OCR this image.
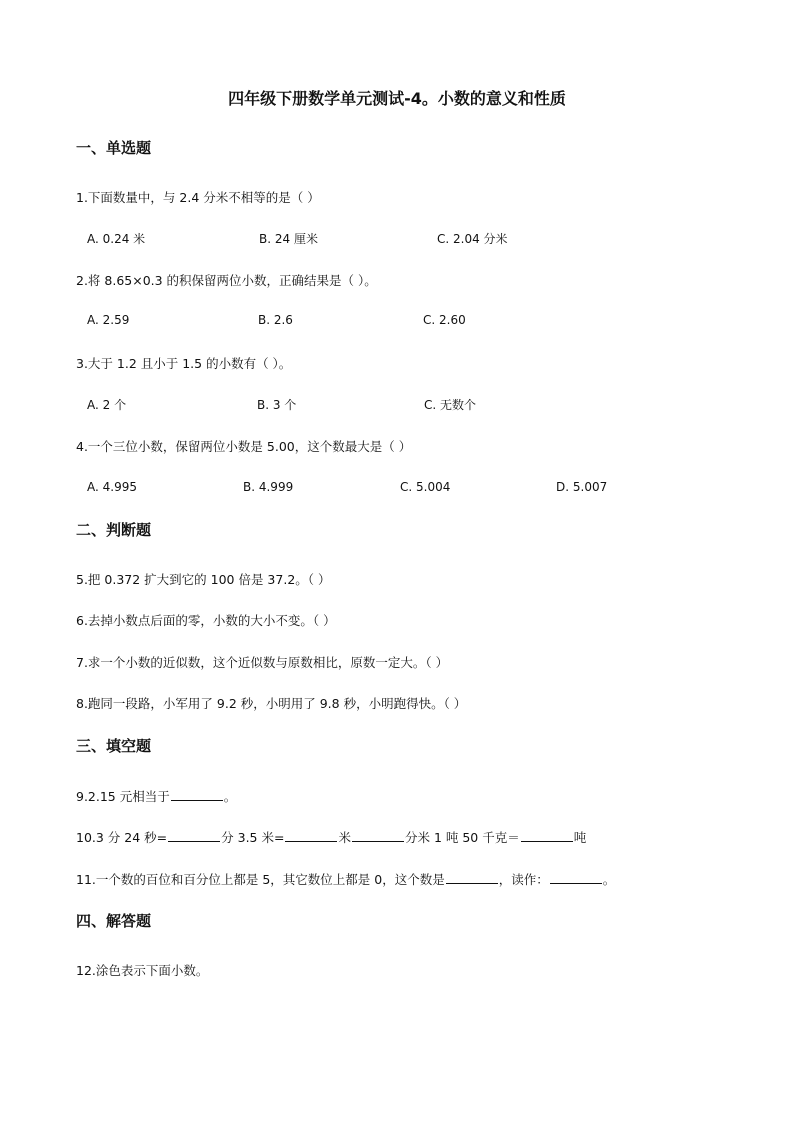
四年级下册数学单元测试-4。小数的意义和性质
一、单选题
1.下面数量中，与 2.4 分米不相等的是（ ）
A. 0.24 米	B. 24 厘米	C. 2.04 分米
2.将 8.65×0.3 的积保留两位小数，正确结果是（ ）。
A. 2.59	B. 2.6	C. 2.60
3.大于 1.2 且小于 1.5 的小数有（ ）。
A. 2 个	B. 3 个	C. 无数个
4.一个三位小数，保留两位小数是 5.00，这个数最大是（ ）
A. 4.995	B. 4.999	C. 5.004	D. 5.007
二、判断题
5.把 0.372 扩大到它的 100 倍是 37.2。（ ）
6.去掉小数点后面的零，小数的大小不变。（ ）
7.求一个小数的近似数，这个近似数与原数相比，原数一定大。（ ）
8.跑同一段路，小军用了 9.2 秒，小明用了 9.8 秒，小明跑得快。（ ）
三、填空题
9.2.15 元相当于	。
10.3 分 24 秒=	分 3.5 米=	米	分米 1 吨 50 千克＝	吨
11.一个数的百位和百分位上都是 5，其它数位上都是 0，这个数是	，读作：	。
四、解答题
12.涂色表示下面小数。
